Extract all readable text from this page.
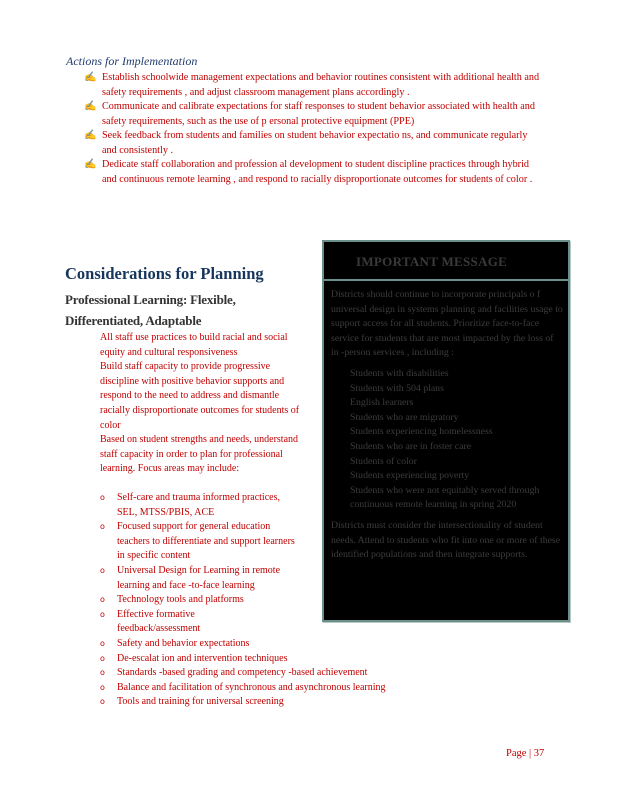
Actions for Implementation
✍ Establish schoolwide management expectations and behavior routines consistent with additional health and safety requirements , and adjust classroom management plans accordingly .
✍ Communicate and calibrate expectations for staff responses to student behavior associated with health and safety requirements, such as the use of p ersonal protective equipment (PPE)
✍ Seek feedback from students and families on student behavior expectatio ns, and communicate regularly and consistently .
✍ Dedicate staff collaboration and profession al development to student discipline practices through hybrid and continuous remote learning , and respond to racially disproportionate outcomes for students of color .
Considerations for Planning
Professional Learning: Flexible, Differentiated, Adaptable

All staff use practices to build racial and social equity and cultural responsiveness

Build staff capacity to provide progressive discipline with positive behavior supports and respond to the need to address and dismantle racially disproportionate outcomes for students of color

Based on student strengths and needs, understand staff capacity in order to plan for professional learning. Focus areas may include:

o Self-care and trauma informed practices, SEL, MTSS/PBIS, ACE
o Focused support for general education teachers to differentiate and support learners in specific content
o Universal Design for Learning in remote learning and face -to-face learning
o Technology tools and platforms
o Effective formative feedback/assessment
o Safety and behavior expectations
o De-escalat ion and intervention techniques
o Standards -based grading and competency -based achievement
o Balance and facilitation of synchronous and asynchronous learning
o Tools and training for universal screening
IMPORTANT MESSAGE

Districts should continue to incorporate principals o f universal design in systems planning and facilities usage to support access for all students. Prioritize face-to-face service for students that are most impacted by the loss of in -person services , including :

Students with disabilities
Students with 504 plans
English learners
Students who are migratory
Students experiencing homelessness
Students who are in foster care
Students of color
Students experiencing poverty
Students who were not equitably served through continuous remote learning in spring 2020

Districts must consider the intersectionality of student needs. Attend to students who fit into one or more of these identified populations and then integrate supports.

Page | 37
